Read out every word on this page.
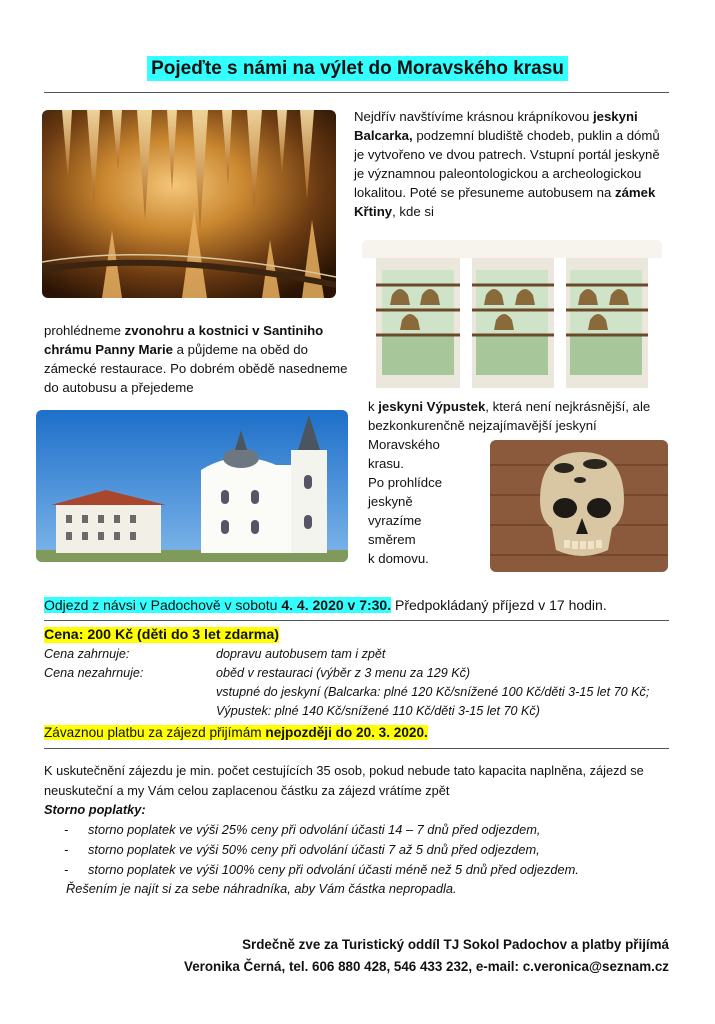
Pojeďte s námi na výlet do Moravského krasu
Nejdřív navštívíme krásnou krápníkovou jeskyni Balcarka, podzemní bludiště chodeb, puklin a dómů je vytvořeno ve dvou patrech. Vstupní portál jeskyně je významnou paleontologickou a archeologickou lokalitou. Poté se přesuneme autobusem na zámek Křtiny, kde si
prohlédneme zvonohru a kostnici v Santiniho chrámu Panny Marie a půjdeme na oběd do zámecké restaurace. Po dobrém obědě nasedneme do autobusu a přejedeme
k jeskyni Výpustek, která není nejkrásnější, ale bezkonkurenčně nejzajímavější jeskyní
Moravského
krasu.
Po prohlídce
jeskyně
vyrazíme
směrem
k domovu.
Odjezd z návsi v Padochově v sobotu 4. 4. 2020 v 7:30. Předpokládaný příjezd v 17 hodin.
Cena: 200 Kč (děti do 3 let zdarma)
Cena zahrnuje:	dopravu autobusem tam i zpět
Cena nezahrnuje:	oběd v restauraci (výběr z 3 menu za 129 Kč)
vstupné do jeskyní (Balcarka: plné 120 Kč/snížené 100 Kč/děti 3-15 let 70 Kč; Výpustek: plné 140 Kč/snížené 110 Kč/děti 3-15 let 70 Kč)
Závaznou platbu za zájezd přijímám nejpozději do 20. 3. 2020.
K uskutečnění zájezdu je min. počet cestujících 35 osob, pokud nebude tato kapacita naplněna, zájezd se neuskuteční a my Vám celou zaplacenou částku za zájezd vrátíme zpět
Storno poplatky:
- storno poplatek ve výši 25% ceny při odvolání účasti 14 – 7 dnů před odjezdem,
- storno poplatek ve výši 50% ceny při odvolání účasti 7 až 5 dnů před odjezdem,
- storno poplatek ve výši 100% ceny při odvolání účasti méně než 5 dnů před odjezdem.
Řešením je najít si za sebe náhradníka, aby Vám částka nepropadla.
Srdečně zve za Turistický oddíl TJ Sokol Padochov a platby přijímá
Veronika Černá, tel. 606 880 428, 546 433 232, e-mail: c.veronica@seznam.cz
